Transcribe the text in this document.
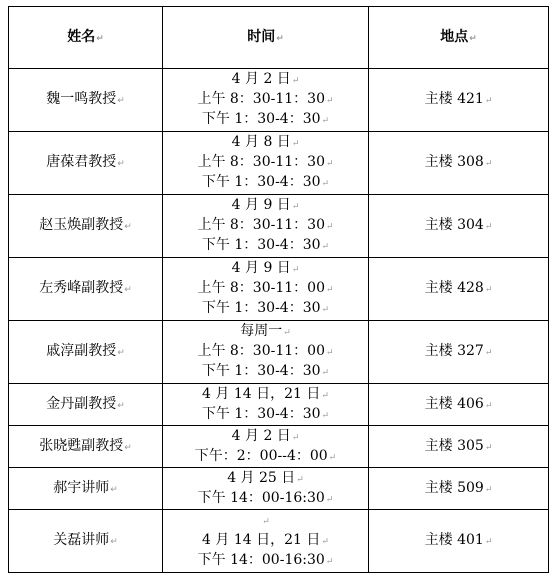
姓名↵	时间↵	地点↵
魏一鸣教授↵	4 月 2 日↵
上午 8：30-11：30↵
下午 1：30-4：30↵	主楼 421↵
唐葆君教授↵	4 月 8 日↵
上午 8：30-11：30↵
下午 1：30-4：30↵	主楼 308↵
赵玉焕副教授↵	4 月 9 日↵
上午 8：30-11：30↵
下午 1：30-4：30↵	主楼 304↵
左秀峰副教授↵	4 月 9 日↵
上午 8：30-11：00↵
下午 1：30-4：30↵	主楼 428↵
戚淳副教授↵	每周一↵
上午 8：30-11：00↵
下午 1：30-4：30↵	主楼 327↵
金丹副教授↵	4 月 14 日，21 日↵
下午 1：30-4：30↵	主楼 406↵
张晓甦副教授↵	4 月 2 日↵
下午：2：00--4：00↵	主楼 305↵
郝宇讲师↵	4 月 25 日↵
下午 14：00-16:30↵	主楼 509↵
关磊讲师↵	↵
4 月 14 日，21 日↵
下午 14：00-16:30↵	主楼 401↵
